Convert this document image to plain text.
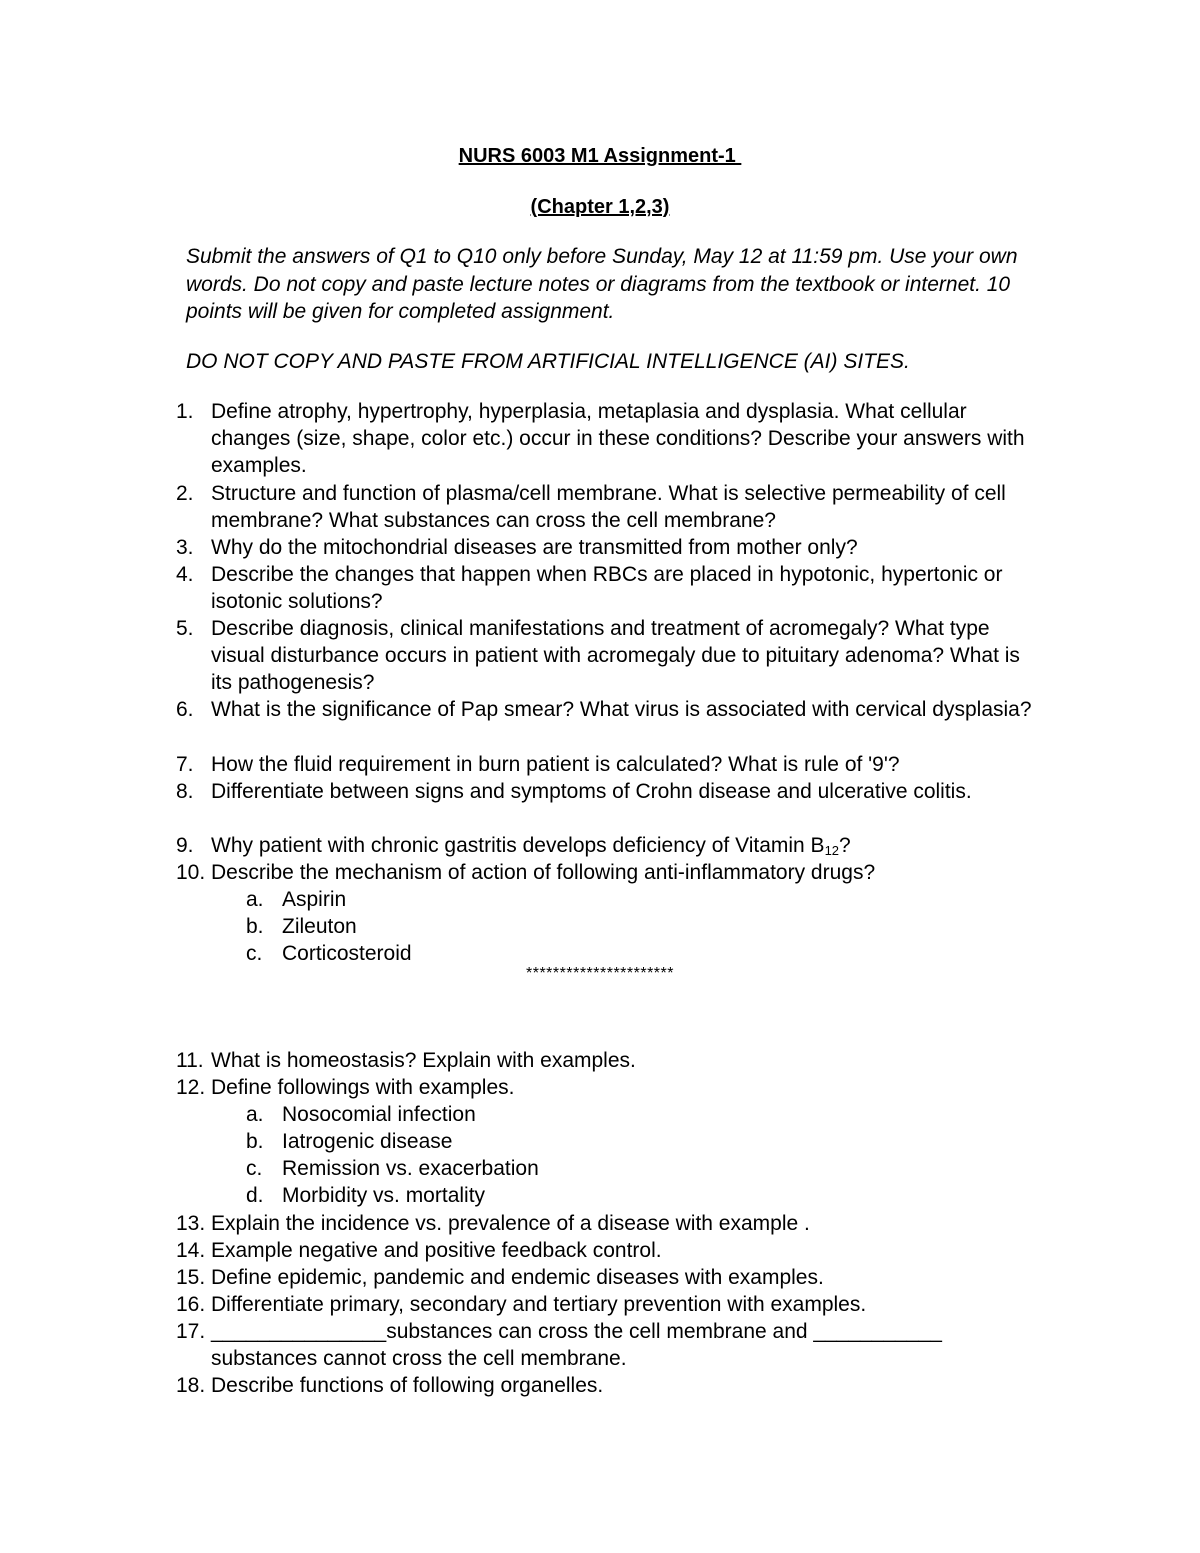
NURS 6003 M1 Assignment-1
(Chapter 1,2,3)
Submit the answers of Q1 to Q10 only before Sunday, May 12 at 11:59 pm. Use your own words. Do not copy and paste lecture notes or diagrams from the textbook or internet. 10 points will be given for completed assignment.
DO NOT COPY AND PASTE FROM ARTIFICIAL INTELLIGENCE (AI) SITES.
1. Define atrophy, hypertrophy, hyperplasia, metaplasia and dysplasia. What cellular changes (size, shape, color etc.) occur in these conditions? Describe your answers with examples.
2. Structure and function of plasma/cell membrane. What is selective permeability of cell membrane? What substances can cross the cell membrane?
3. Why do the mitochondrial diseases are transmitted from mother only?
4. Describe the changes that happen when RBCs are placed in hypotonic, hypertonic or isotonic solutions?
5. Describe diagnosis, clinical manifestations and treatment of acromegaly? What type visual disturbance occurs in patient with acromegaly due to pituitary adenoma? What is its pathogenesis?
6. What is the significance of Pap smear? What virus is associated with cervical dysplasia?
7. How the fluid requirement in burn patient is calculated? What is rule of '9'?
8. Differentiate between signs and symptoms of Crohn disease and ulcerative colitis.
9. Why patient with chronic gastritis develops deficiency of Vitamin $B_{12}$?
10. Describe the mechanism of action of following anti-inflammatory drugs?
a. Aspirin
b. Zileuton
c. Corticosteroid
**********************
11. What is homeostasis? Explain with examples.
12. Define followings with examples.
a. Nosocomial infection
b. Iatrogenic disease
c. Remission vs. exacerbation
d. Morbidity vs. mortality
13. Explain the incidence vs. prevalence of a disease with example .
14. Example negative and positive feedback control.
15. Define epidemic, pandemic and endemic diseases with examples.
16. Differentiate primary, secondary and tertiary prevention with examples.
17. _______________substances can cross the cell membrane and ___________ substances cannot cross the cell membrane.
18. Describe functions of following organelles.
